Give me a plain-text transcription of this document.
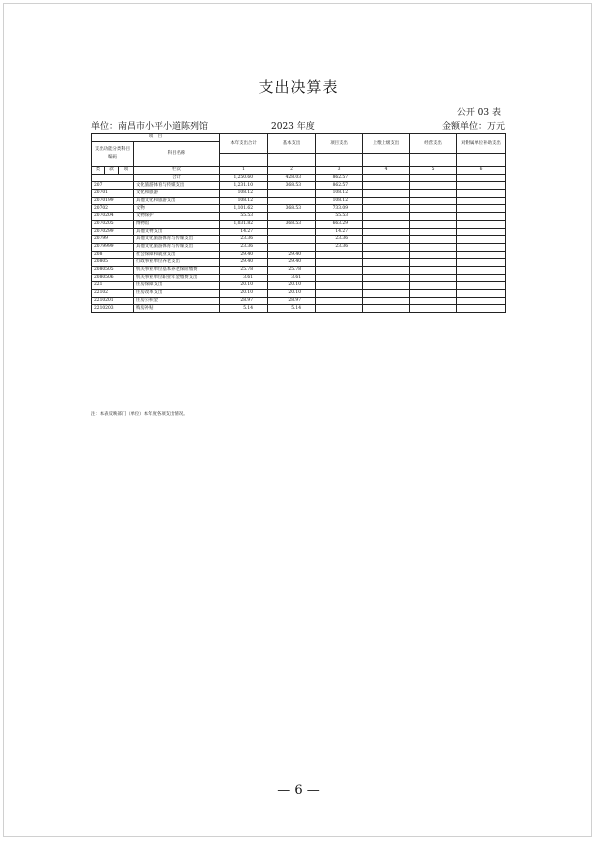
支出决算表
公开 03 表
单位：南昌市小平小道陈列馆	2023 年度	金额单位：万元
项　目				本年支出合计	基本支出	项目支出	上缴上级支出	经营支出	对附属单位补助支出
支出功能分类科目编码			科目名称						

类	款	项	栏次	1	2	3	4	5	6
			合计	1,250.60	428.03	862.57			
207			文化旅游体育与传媒支出	1,231.10	368.53	862.57			
20701			文化和旅游	108.12		108.12			
2070199			其他文化和旅游支出	108.12		108.12			
20702			文物	1,101.62	368.53	733.09			
2070204			文物保护	55.53		55.53			
2070205			博物馆	1,031.82	368.53	663.29			
2070299			其他文物支出	14.27		14.27			
20799			其他文化旅游体育与传媒支出	23.36		23.36			
2079999			其他文化旅游体育与传媒支出	23.36		23.36			
208			社会保障和就业支出	29.40	29.40				
20805			行政事业单位养老支出	29.40	29.40				
2080505			机关事业单位基本养老保险缴费	25.78	25.78				
2080506			机关事业单位职业年金缴费支出	3.61	3.61				
221			住房保障支出	20.10	20.10				
22102			住房改革支出	20.10	20.10				
2210201			住房公积金	28.97	28.97				
2210203			购房补贴	5.14	5.14				
注：本表反映部门（单位）本年度各项支出情况。
— 6 —
